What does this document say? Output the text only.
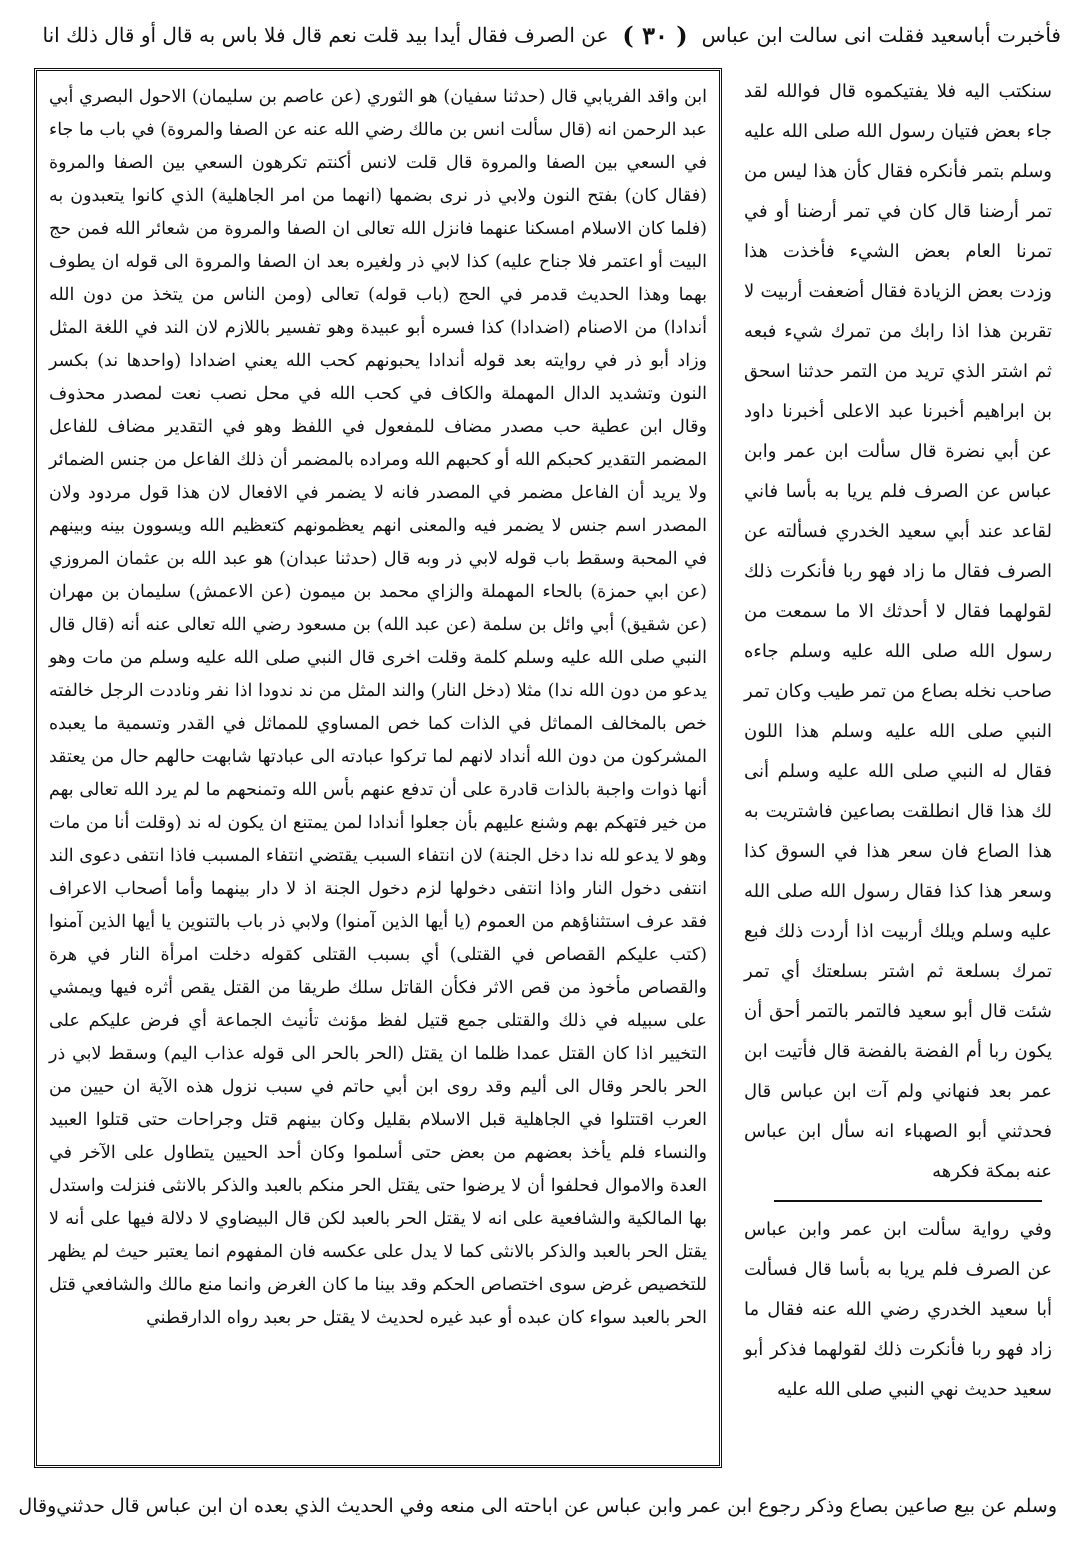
فأخبرت أباسعيد فقلت انى سالت ابن عباس
( ٣٠ )
عن الصرف فقال أيدا بيد قلت نعم قال فلا باس به قال أو قال ذلك انا

سنكتب اليه فلا يفتيكموه قال فوالله لقد جاء بعض فتيان رسول الله صلى الله عليه وسلم بتمر فأنكره فقال كأن هذا ليس من تمر أرضنا قال كان في تمر أرضنا أو في تمرنا العام بعض الشيء فأخذت هذا وزدت بعض الزيادة فقال أضعفت أربيت لا تقربن هذا اذا رابك من تمرك شيء فبعه ثم اشتر الذي تريد من التمر حدثنا اسحق بن ابراهيم أخبرنا عبد الاعلى أخبرنا داود عن أبي نضرة قال سألت ابن عمر وابن عباس عن الصرف فلم يريا به بأسا فاني لقاعد عند أبي سعيد الخدري فسألته عن الصرف فقال ما زاد فهو ربا فأنكرت ذلك لقولهما فقال لا أحدثك الا ما سمعت من رسول الله صلى الله عليه وسلم جاءه صاحب نخله بصاع من تمر طيب وكان تمر النبي صلى الله عليه وسلم هذا اللون فقال له النبي صلى الله عليه وسلم أنى لك هذا قال انطلقت بصاعين فاشتريت به هذا الصاع فان سعر هذا في السوق كذا وسعر هذا كذا فقال رسول الله صلى الله عليه وسلم ويلك أربيت اذا أردت ذلك فبع تمرك بسلعة ثم اشتر بسلعتك أي تمر شئت قال أبو سعيد فالتمر بالتمر أحق أن يكون ربا أم الفضة بالفضة قال فأتيت ابن عمر بعد فنهاني ولم آت ابن عباس قال فحدثني أبو الصهباء انه سأل ابن عباس عنه بمكة فكرهه

وفي رواية سألت ابن عمر وابن عباس عن الصرف فلم يريا به بأسا قال فسألت أبا سعيد الخدري رضي الله عنه فقال ما زاد فهو ربا فأنكرت ذلك لقولهما فذكر أبو سعيد حديث نهي النبي صلى الله عليه

ابن واقد الفريابي قال (حدثنا سفيان) هو الثوري (عن عاصم بن سليمان) الاحول البصري أبي عبد الرحمن انه (قال سألت انس بن مالك رضي الله عنه عن الصفا والمروة) في باب ما جاء في السعي بين الصفا والمروة قال قلت لانس أكنتم تكرهون السعي بين الصفا والمروة (فقال كان) بفتح النون ولابي ذر نرى بضمها (انهما من امر الجاهلية) الذي كانوا يتعبدون به (فلما كان الاسلام امسكنا عنهما فانزل الله تعالى ان الصفا والمروة من شعائر الله فمن حج البيت أو اعتمر فلا جناح عليه) كذا لابي ذر ولغيره بعد ان الصفا والمروة الى قوله ان يطوف بهما وهذا الحديث قدمر في الحج (باب قوله) تعالى (ومن الناس من يتخذ من دون الله أندادا) من الاصنام (اضدادا) كذا فسره أبو عبيدة وهو تفسير باللازم لان الند في اللغة المثل وزاد أبو ذر في روايته بعد قوله أندادا يحبونهم كحب الله يعني اضدادا (واحدها ند) بكسر النون وتشديد الدال المهملة والكاف في كحب الله في محل نصب نعت لمصدر محذوف وقال ابن عطية حب مصدر مضاف للمفعول في اللفظ وهو في التقدير مضاف للفاعل المضمر التقدير كحبكم الله أو كحبهم الله ومراده بالمضمر أن ذلك الفاعل من جنس الضمائر ولا يريد أن الفاعل مضمر في المصدر فانه لا يضمر في الافعال لان هذا قول مردود ولان المصدر اسم جنس لا يضمر فيه والمعنى انهم يعظمونهم كتعظيم الله ويسوون بينه وبينهم في المحبة وسقط باب قوله لابي ذر وبه قال (حدثنا عبدان) هو عبد الله بن عثمان المروزي (عن ابي حمزة) بالحاء المهملة والزاي محمد بن ميمون (عن الاعمش) سليمان بن مهران (عن شقيق) أبي وائل بن سلمة (عن عبد الله) بن مسعود رضي الله تعالى عنه أنه (قال قال النبي صلى الله عليه وسلم كلمة وقلت اخرى قال النبي صلى الله عليه وسلم من مات وهو يدعو من دون الله ندا) مثلا (دخل النار) والند المثل من ند ندودا اذا نفر وناددت الرجل خالفته خص بالمخالف المماثل في الذات كما خص المساوي للمماثل في القدر وتسمية ما يعبده المشركون من دون الله أنداد لانهم لما تركوا عبادته الى عبادتها شابهت حالهم حال من يعتقد أنها ذوات واجبة بالذات قادرة على أن تدفع عنهم بأس الله وتمنحهم ما لم يرد الله تعالى بهم من خير فتهكم بهم وشنع عليهم بأن جعلوا أندادا لمن يمتنع ان يكون له ند (وقلت أنا من مات وهو لا يدعو لله ندا دخل الجنة) لان انتفاء السبب يقتضي انتفاء المسبب فاذا انتفى دعوى الند انتفى دخول النار واذا انتفى دخولها لزم دخول الجنة اذ لا دار بينهما وأما أصحاب الاعراف فقد عرف استثناؤهم من العموم (يا أيها الذين آمنوا) ولابي ذر باب بالتنوين يا أيها الذين آمنوا (كتب عليكم القصاص في القتلى) أي بسبب القتلى كقوله دخلت امرأة النار في هرة والقصاص مأخوذ من قص الاثر فكأن القاتل سلك طريقا من القتل يقص أثره فيها ويمشي على سبيله في ذلك والقتلى جمع قتيل لفظ مؤنث تأنيث الجماعة أي فرض عليكم على التخيير اذا كان القتل عمدا ظلما ان يقتل (الحر بالحر الى قوله عذاب اليم) وسقط لابي ذر الحر بالحر وقال الى أليم وقد روى ابن أبي حاتم في سبب نزول هذه الآية ان حيين من العرب اقتتلوا في الجاهلية قبل الاسلام بقليل وكان بينهم قتل وجراحات حتى قتلوا العبيد والنساء فلم يأخذ بعضهم من بعض حتى أسلموا وكان أحد الحيين يتطاول على الآخر في العدة والاموال فحلفوا أن لا يرضوا حتى يقتل الحر منكم بالعبد والذكر بالانثى فنزلت واستدل بها المالكية والشافعية على انه لا يقتل الحر بالعبد لكن قال البيضاوي لا دلالة فيها على أنه لا يقتل الحر بالعبد والذكر بالانثى كما لا يدل على عكسه فان المفهوم انما يعتبر حيث لم يظهر للتخصيص غرض سوى اختصاص الحكم وقد بينا ما كان الغرض وانما منع مالك والشافعي قتل الحر بالعبد سواء كان عبده أو عبد غيره لحديث لا يقتل حر بعبد رواه الدارقطني

وسلم عن بيع صاعين بصاع وذكر رجوع ابن عمر وابن عباس عن اباحته الى منعه وفي الحديث الذي بعده ان ابن عباس قال حدثني
وقال
